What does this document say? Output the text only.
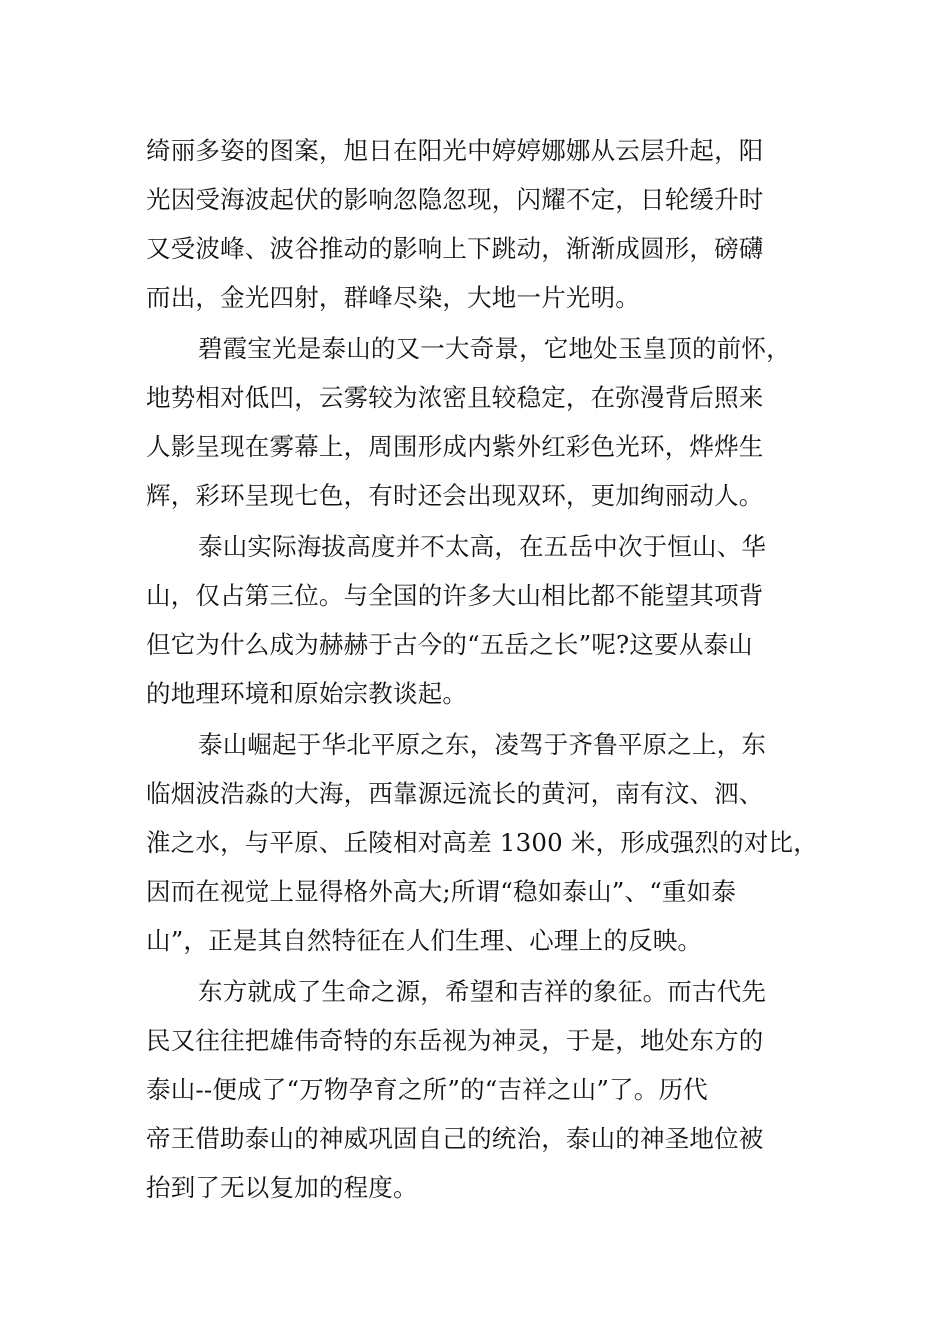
绮丽多姿的图案，旭日在阳光中婷婷娜娜从云层升起，阳
光因受海波起伏的影响忽隐忽现，闪耀不定，日轮缓升时
又受波峰、波谷推动的影响上下跳动，渐渐成圆形，磅礴
而出，金光四射，群峰尽染，大地一片光明。
碧霞宝光是泰山的又一大奇景，它地处玉皇顶的前怀，
地势相对低凹，云雾较为浓密且较稳定，在弥漫背后照来
人影呈现在雾幕上，周围形成内紫外红彩色光环，烨烨生
辉，彩环呈现七色，有时还会出现双环，更加绚丽动人。
泰山实际海拔高度并不太高，在五岳中次于恒山、华
山，仅占第三位。与全国的许多大山相比都不能望其项背
但它为什么成为赫赫于古今的“五岳之长”呢?这要从泰山
的地理环境和原始宗教谈起。
泰山崛起于华北平原之东，凌驾于齐鲁平原之上，东
临烟波浩淼的大海，西靠源远流长的黄河，南有汶、泗、
淮之水，与平原、丘陵相对高差 1300 米，形成强烈的对比，
因而在视觉上显得格外高大;所谓“稳如泰山”、“重如泰
山”，正是其自然特征在人们生理、心理上的反映。
东方就成了生命之源，希望和吉祥的象征。而古代先
民又往往把雄伟奇特的东岳视为神灵，于是，地处东方的
泰山--便成了“万物孕育之所”的“吉祥之山”了。历代
帝王借助泰山的神威巩固自己的统治，泰山的神圣地位被
抬到了无以复加的程度。
